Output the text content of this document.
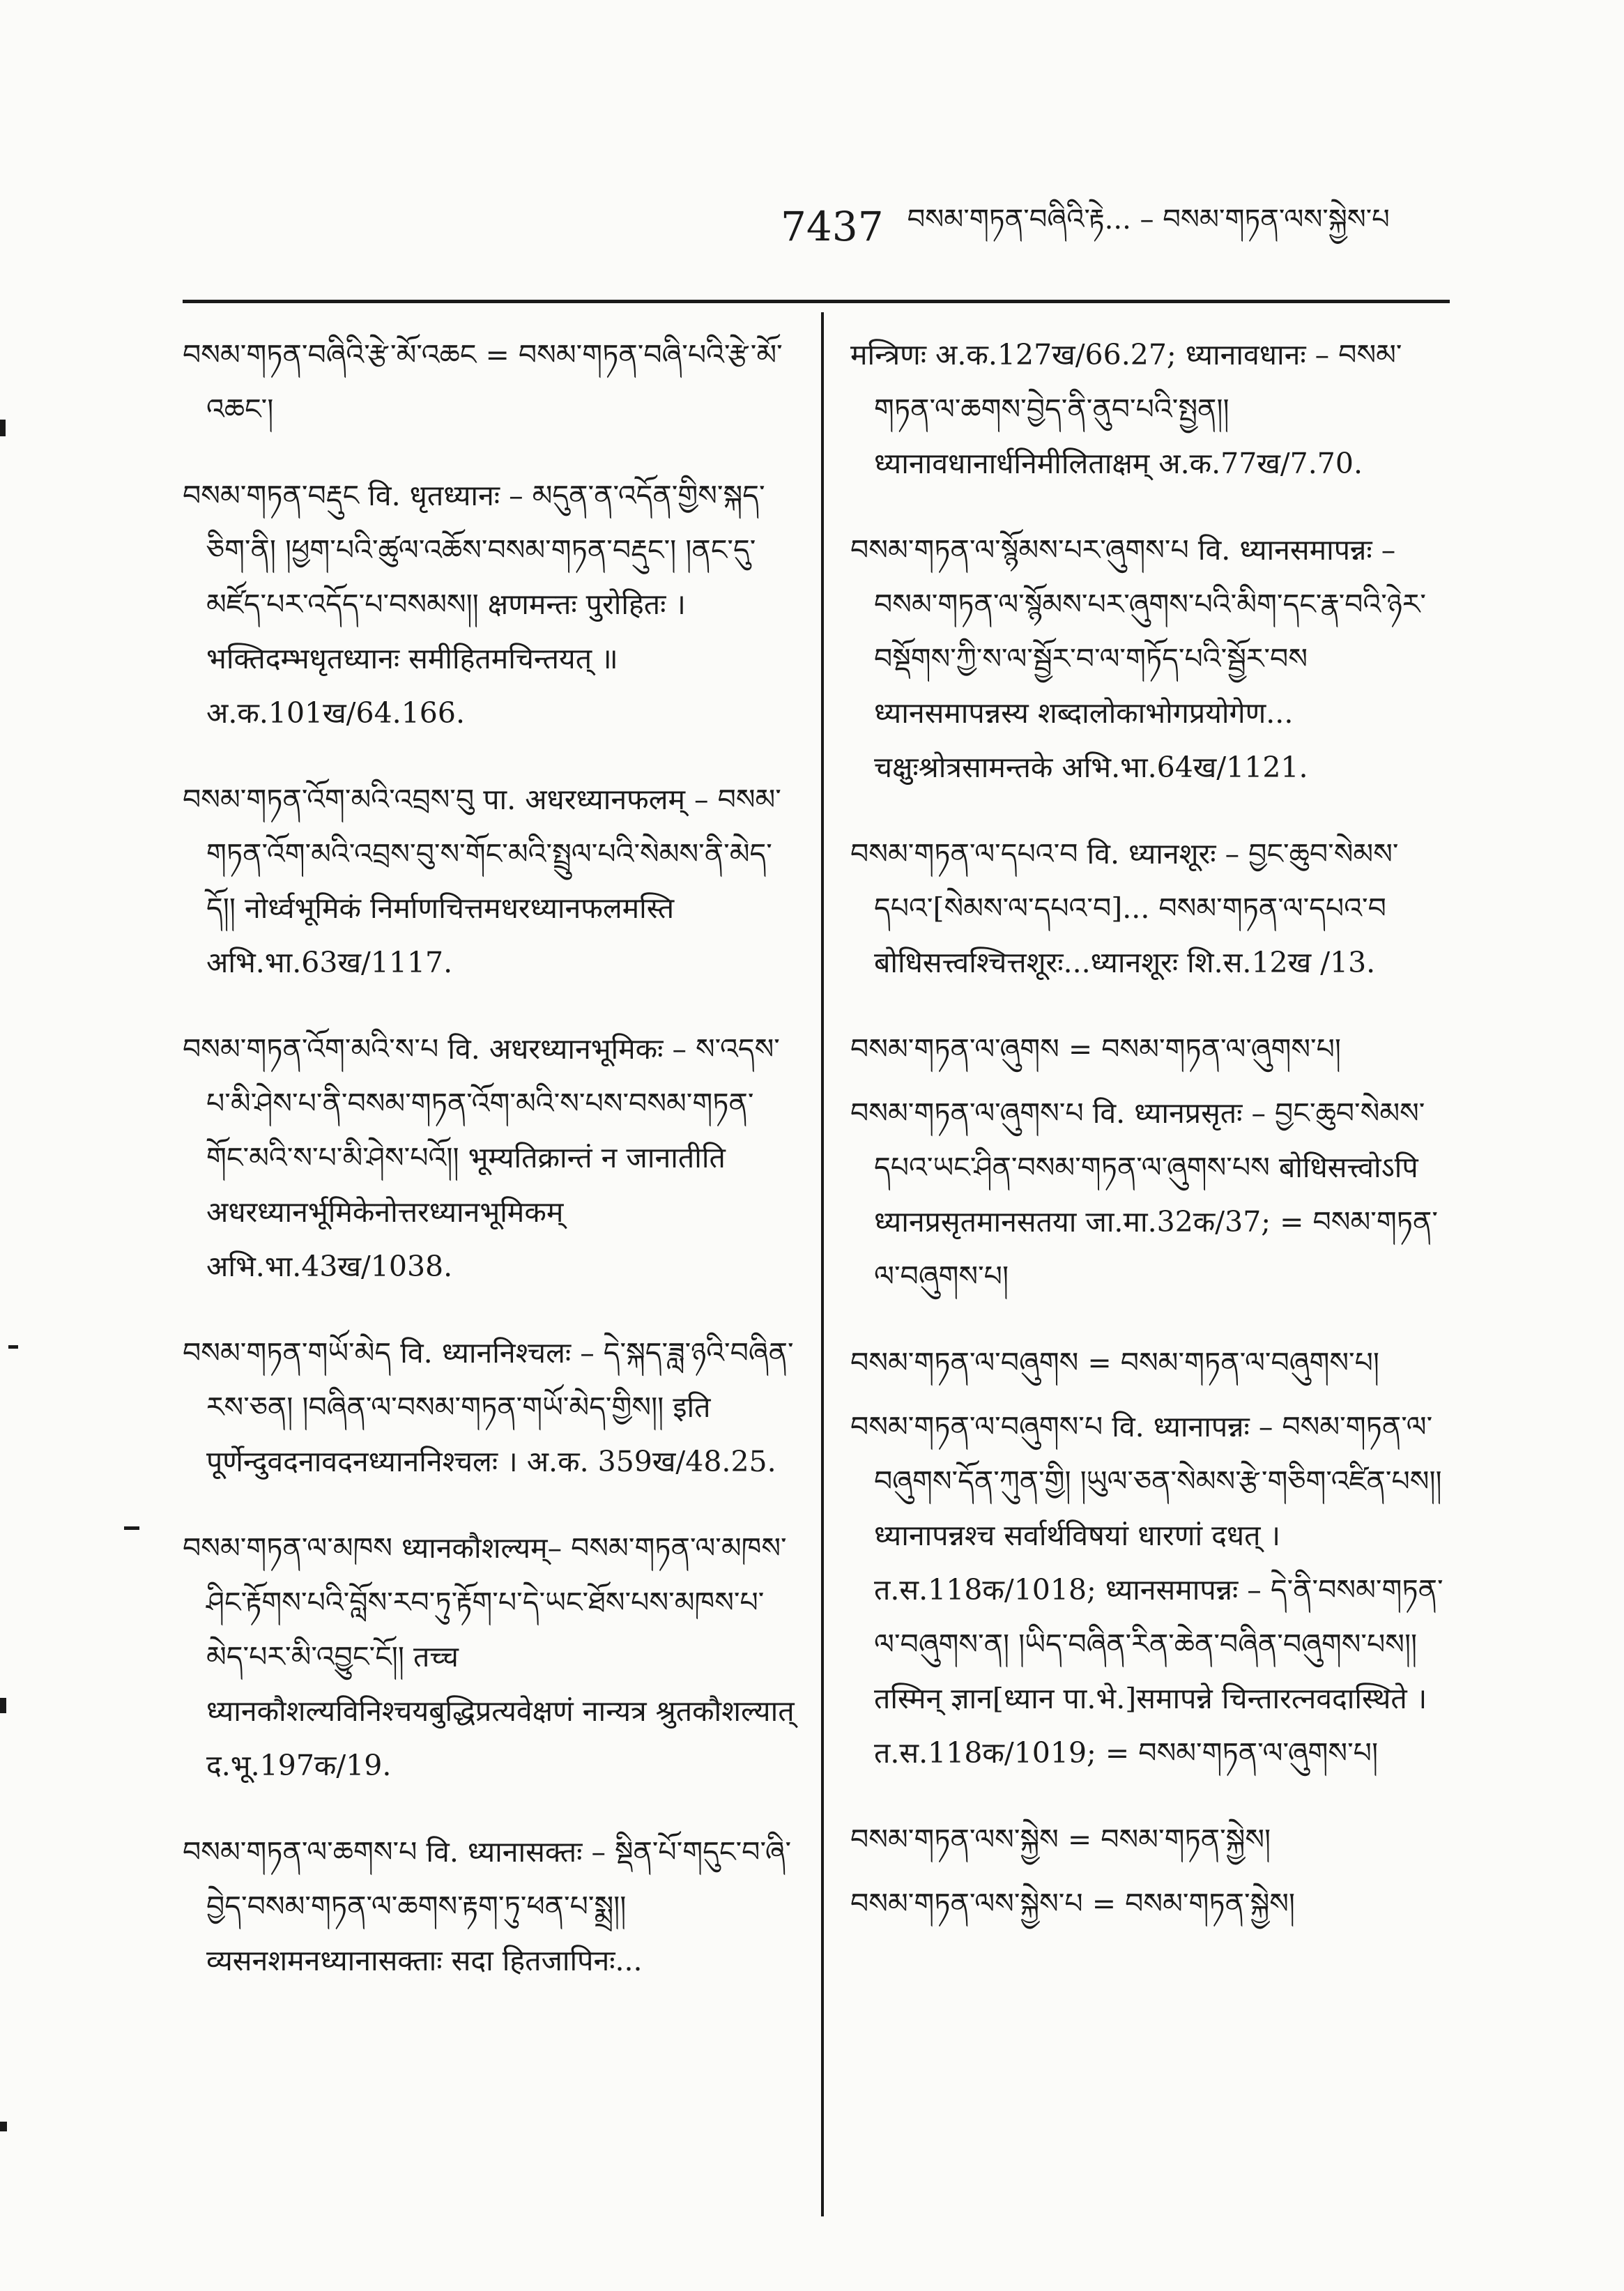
7437 བསམ་གཏན་བཞིའི་རྟེ... – བསམ་གཏན་ལས་སྐྱེས་པ

བསམ་གཏན་བཞིའི་རྩེ་མོ་འཆང = བསམ་གཏན་བཞི་པའི་རྩེ་མོ་འཆང་།

བསམ་གཏན་བརྡུང वि. धृतध्यानः – མདུན་ན་འདོན་གྱིས་སྐད་ཅིག་ནི། །ཕྱག་པའི་ཚུལ་འཆོས་བསམ་གཏན་བརྡུང་། །ནང་དུ་མཛོད་པར་འདོད་པ་བསམས།། क्षणमन्तः पुरोहितः । भक्तिदम्भधृतध्यानः समीहितमचिन्तयत् ॥ अ.क.101ख/64.166.

བསམ་གཏན་འོག་མའི་འབྲས་བུ पा. अधरध्यानफलम् – བསམ་གཏན་འོག་མའི་འབྲས་བུ་ས་གོང་མའི་སྤྲུལ་པའི་སེམས་ནི་མེད་དོ།། नोर्ध्वभूमिकं निर्माणचित्तमधरध्यानफलमस्ति अभि.भा.63ख/1117.

བསམ་གཏན་འོག་མའི་ས་པ वि. अधरध्यानभूमिकः – ས་འདས་པ་མི་ཤེས་པ་ནི་བསམ་གཏན་འོག་མའི་ས་པས་བསམ་གཏན་གོང་མའི་ས་པ་མི་ཤེས་པའོ།། भूम्यतिक्रान्तं न जानातीति अधरध्यानर्भूमिकेनोत्तरध्यानभूमिकम् अभि.भा.43ख/1038.

བསམ་གཏན་གཡོ་མེད वि. ध्याननिश्चलः – དེ་སྐད་ཟླ་ཉའི་བཞིན་རས་ཅན། །བཞིན་ལ་བསམ་གཏན་གཡོ་མེད་གྱིས།། इति पूर्णेन्दुवदनावदनध्याननिश्चलः । अ.क. 359ख/48.25.

བསམ་གཏན་ལ་མཁས ध्यानकौशल्यम्– བསམ་གཏན་ལ་མཁས་ཤིང་རྟོགས་པའི་བློས་རབ་ཏུ་རྟོག་པ་དེ་ཡང་ཐོས་པས་མཁས་པ་མེད་པར་མི་འབྱུང་ངོ།། तच्च ध्यानकौशल्यविनिश्चयबुद्धिप्रत्यवेक्षणं नान्यत्र श्रुतकौशल्यात् द.भू.197क/19.

བསམ་གཏན་ལ་ཆགས་པ वि. ध्यानासक्तः – སྡིན་པོ་གདུང་བ་ཞི་བྱེད་བསམ་གཏན་ལ་ཆགས་རྟག་ཏུ་ཕན་པ་སྨྲ།། व्यसनशमनध्यानासक्ताः सदा हितजापिनः...

मन्त्रिणः अ.क.127ख/66.27; ध्यानावधानः – བསམ་གཏན་ལ་ཆགས་བྱེད་ནི་ནུབ་པའི་སྤྱན།། ध्यानावधानार्धनिमीलिताक्षम् अ.क.77ख/7.70.

བསམ་གཏན་ལ་སྙོམས་པར་ཞུགས་པ वि. ध्यानसमापन्नः – བསམ་གཏན་ལ་སྙོམས་པར་ཞུགས་པའི་མིག་དང་རྣ་བའི་ཉེར་བསྡོགས་ཀྱི་ས་ལ་སྦྱོར་བ་ལ་གཏོད་པའི་སྦྱོར་བས ध्यानसमापन्नस्य शब्दालोकाभोगप्रयोगेण... चक्षुःश्रोत्रसामन्तके अभि.भा.64ख/1121.

བསམ་གཏན་ལ་དཔའ་བ वि. ध्यानशूरः – བྱང་ཆུབ་སེམས་དཔའ་[སེམས་ལ་དཔའ་བ]... བསམ་གཏན་ལ་དཔའ་བ बोधिसत्त्वश्चित्तशूरः...ध्यानशूरः शि.स.12ख /13.

བསམ་གཏན་ལ་ཞུགས = བསམ་གཏན་ལ་ཞུགས་པ།

བསམ་གཏན་ལ་ཞུགས་པ वि. ध्यानप्रसृतः – བྱང་ཆུབ་སེམས་དཔའ་ཡང་ཤིན་བསམ་གཏན་ལ་ཞུགས་པས बोधिसत्त्वोऽपि ध्यानप्रसृतमानसतया जा.मा.32क/37; = བསམ་གཏན་ལ་བཞུགས་པ།

བསམ་གཏན་ལ་བཞུགས = བསམ་གཏན་ལ་བཞུགས་པ།

བསམ་གཏན་ལ་བཞུགས་པ वि. ध्यानापन्नः – བསམ་གཏན་ལ་བཞུགས་དོན་ཀུན་གྱི། །ཡུལ་ཅན་སེམས་རྩེ་གཅིག་འཛིན་པས།། ध्यानापन्नश्च सर्वार्थविषयां धारणां दधत् । त.स.118क/1018; ध्यानसमापन्नः – དེ་ནི་བསམ་གཏན་ལ་བཞུགས་ན། །ཡིད་བཞིན་རིན་ཆེན་བཞིན་བཞུགས་པས།། तस्मिन् ज्ञान[ध्यान पा.भे.]समापन्ने चिन्तारत्नवदास्थिते । त.स.118क/1019; = བསམ་གཏན་ལ་ཞུགས་པ།

བསམ་གཏན་ལས་སྐྱེས = བསམ་གཏན་སྐྱེས།

བསམ་གཏན་ལས་སྐྱེས་པ = བསམ་གཏན་སྐྱེས།
